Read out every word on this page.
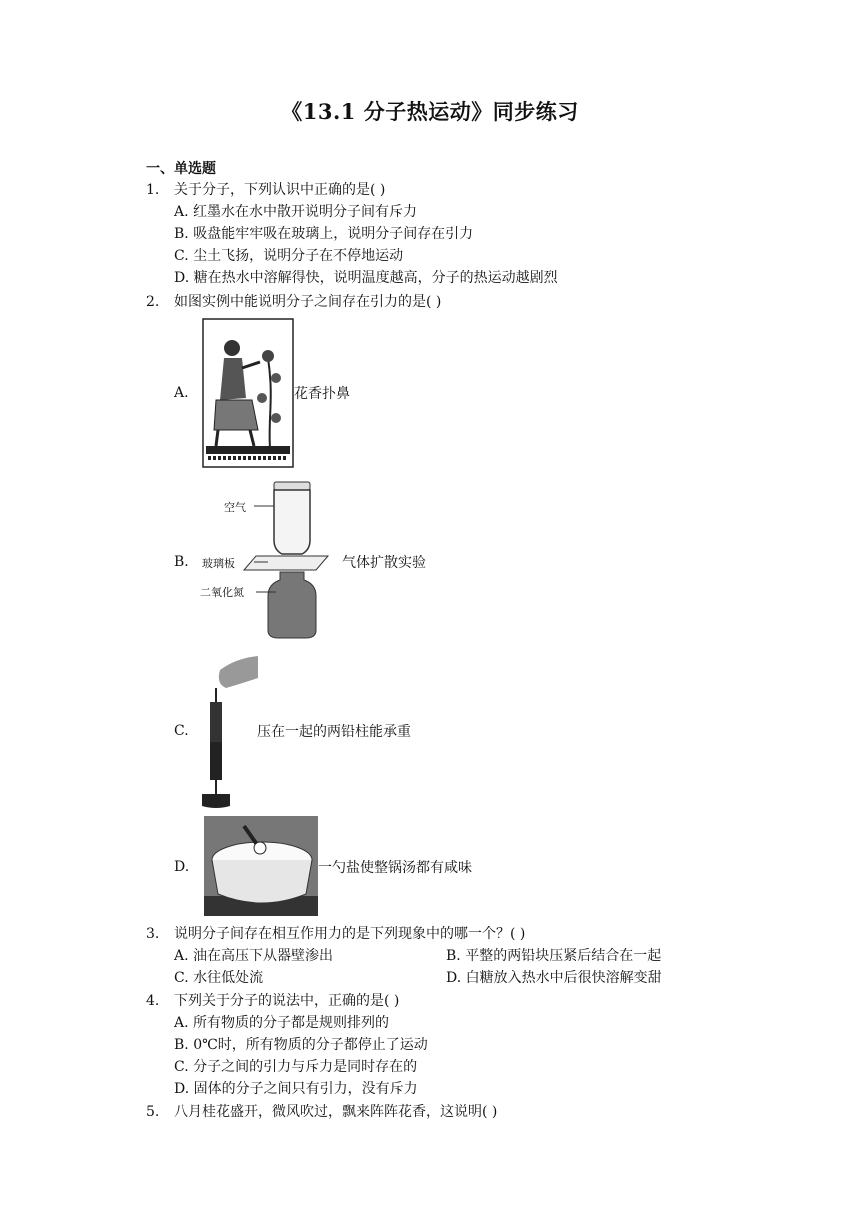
《13.1 分子热运动》同步练习
一、单选题
1. 关于分子，下列认识中正确的是( )
A. 红墨水在水中散开说明分子间有斥力
B. 吸盘能牢牢吸在玻璃上，说明分子间存在引力
C. 尘土飞扬，说明分子在不停地运动
D. 糖在热水中溶解得快，说明温度越高，分子的热运动越剧烈
2. 如图实例中能说明分子之间存在引力的是( )
A.	花香扑鼻
B.
空气
玻璃板
二氧化氮
气体扩散实验
C.	压在一起的两铅柱能承重
D.	一勺盐使整锅汤都有咸味
3. 说明分子间存在相互作用力的是下列现象中的哪一个？( )
A. 油在高压下从器壁渗出	B. 平整的两铅块压紧后结合在一起
C. 水往低处流	D. 白糖放入热水中后很快溶解变甜
4. 下列关于分子的说法中，正确的是( )
A. 所有物质的分子都是规则排列的
B. 0℃时，所有物质的分子都停止了运动
C. 分子之间的引力与斥力是同时存在的
D. 固体的分子之间只有引力，没有斥力
5. 八月桂花盛开，微风吹过，飘来阵阵花香，这说明( )
